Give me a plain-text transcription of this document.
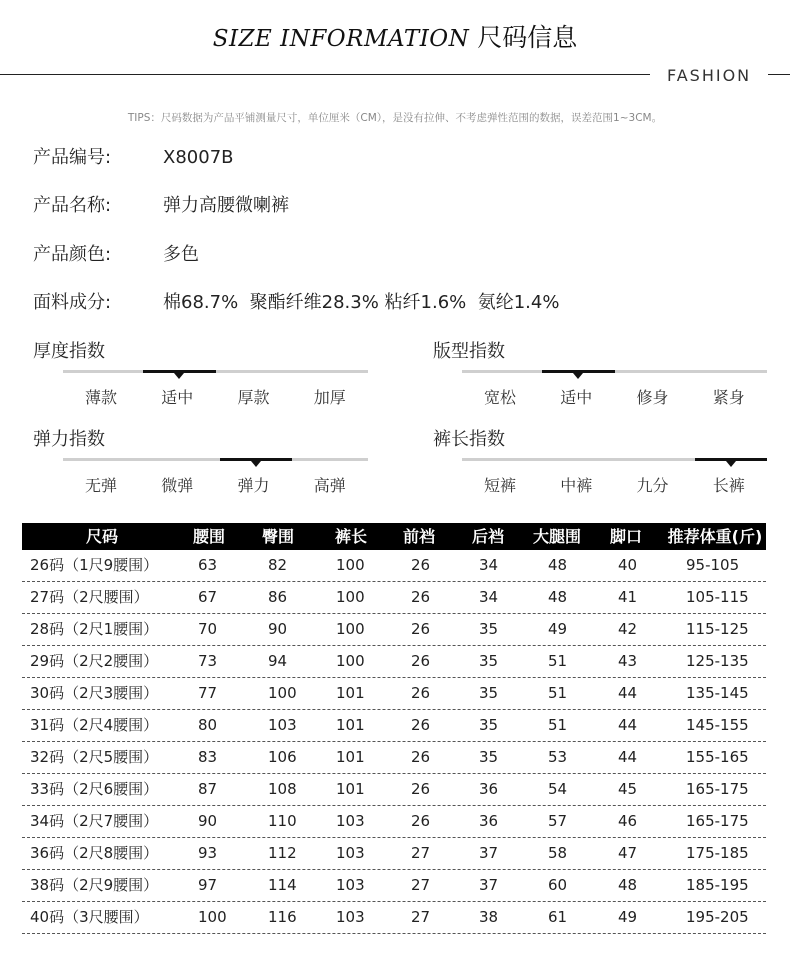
SIZE INFORMATION 尺码信息
FASHION
TIPS：尺码数据为产品平铺测量尺寸，单位厘米（CM），是没有拉伸、不考虑弹性范围的数据，误差范围1~3CM。
产品编号:	X8007B
产品名称:	弹力高腰微喇裤
产品颜色:	多色
面料成分:	棉68.7%  聚酯纤维28.3% 粘纤1.6%  氨纶1.4%
厚度指数
薄款	适中	厚款	加厚
版型指数
宽松	适中	修身	紧身
弹力指数
无弹	微弹	弹力	高弹
裤长指数
短裤	中裤	九分	长裤
尺码	腰围	臀围	裤长	前裆	后裆	大腿围	脚口	推荐体重(斤)
26码（1尺9腰围）	63	82	100	26	34	48	40	95-105
27码（2尺腰围）	67	86	100	26	34	48	41	105-115
28码（2尺1腰围）	70	90	100	26	35	49	42	115-125
29码（2尺2腰围）	73	94	100	26	35	51	43	125-135
30码（2尺3腰围）	77	100	101	26	35	51	44	135-145
31码（2尺4腰围）	80	103	101	26	35	51	44	145-155
32码（2尺5腰围）	83	106	101	26	35	53	44	155-165
33码（2尺6腰围）	87	108	101	26	36	54	45	165-175
34码（2尺7腰围）	90	110	103	26	36	57	46	165-175
36码（2尺8腰围）	93	112	103	27	37	58	47	175-185
38码（2尺9腰围）	97	114	103	27	37	60	48	185-195
40码（3尺腰围）	100	116	103	27	38	61	49	195-205
